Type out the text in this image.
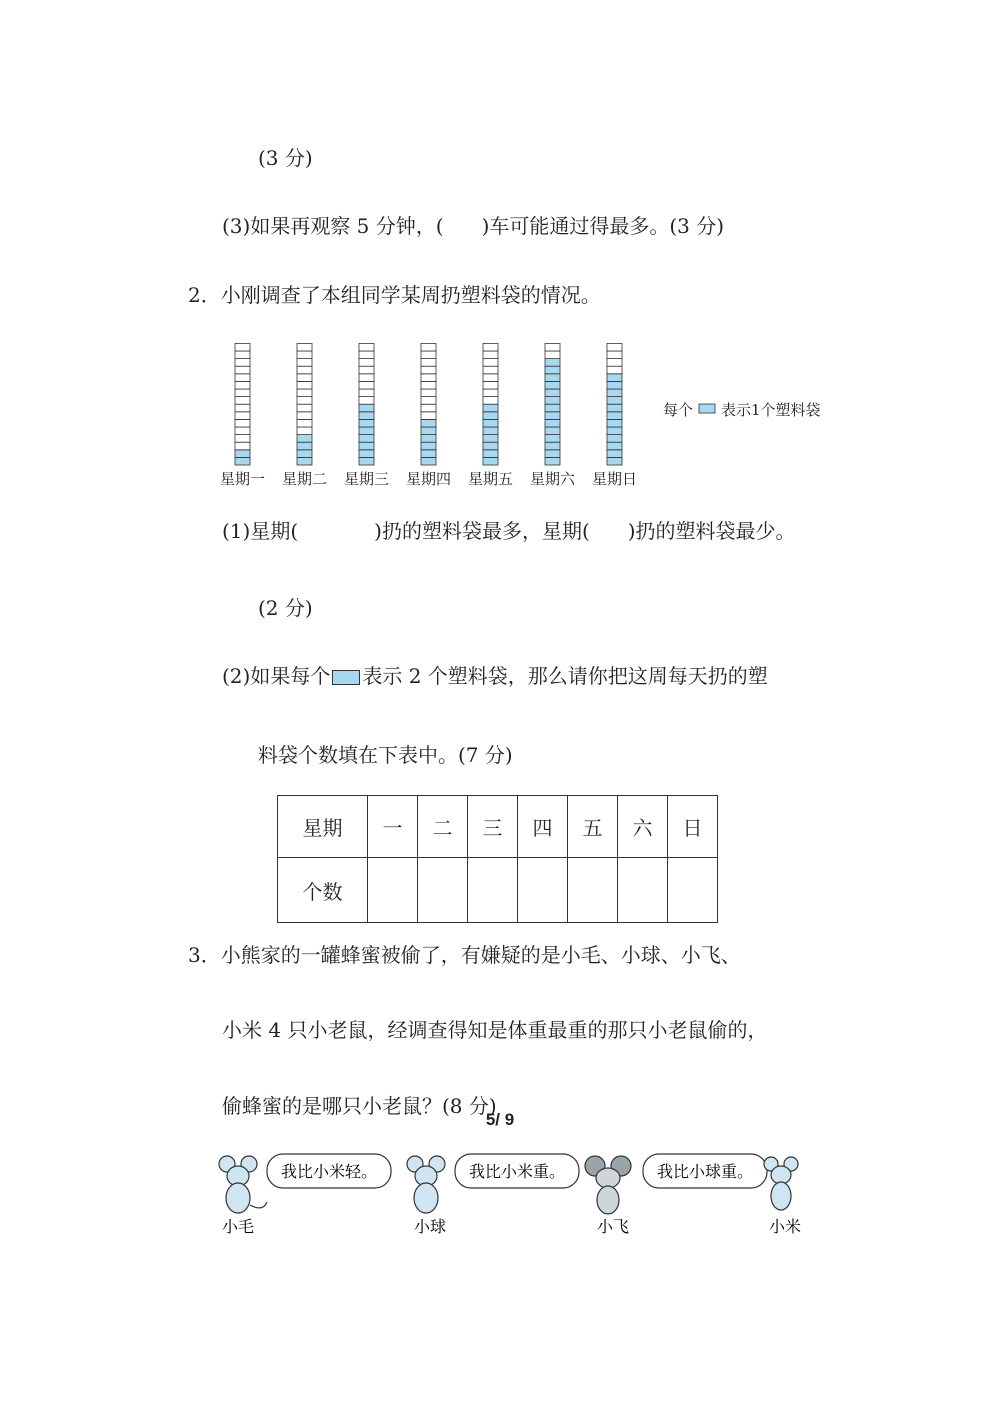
(3 分)
(3)如果再观察 5 分钟，( )车可能通过得最多。(3 分)
2．小刚调查了本组同学某周扔塑料袋的情况。
星期一 星期二 星期三 星期四 星期五 星期六 星期日
每个 表示1个塑料袋
(1)星期(	)扔的塑料袋最多，星期( )扔的塑料袋最少。
(2 分)
(2)如果每个 表示 2 个塑料袋，那么请你把这周每天扔的塑
料袋个数填在下表中。(7 分)
星期	一	二	三	四	五	六	日
个数							
3．小熊家的一罐蜂蜜被偷了，有嫌疑的是小毛、小球、小飞、
小米 4 只小老鼠，经调查得知是体重最重的那只小老鼠偷的，
偷蜂蜜的是哪只小老鼠？(8 分)
我比小米轻。
小毛
我比小米重。
小球
我比小球重。
小飞	小米
5/ 9
